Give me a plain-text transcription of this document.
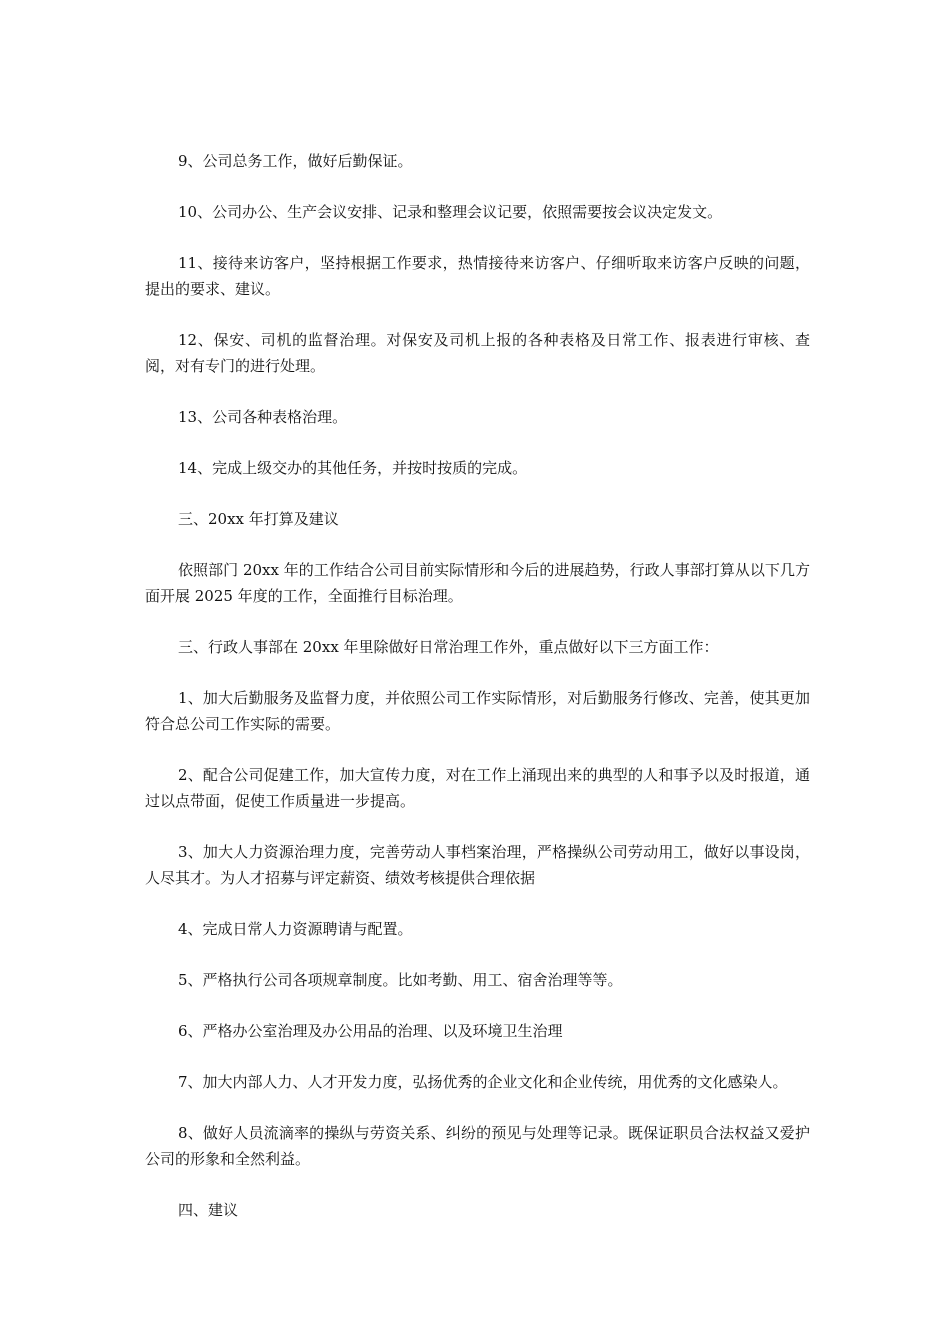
9、公司总务工作，做好后勤保证。

10、公司办公、生产会议安排、记录和整理会议记要，依照需要按会议决定发文。

11、接待来访客户，坚持根据工作要求，热情接待来访客户、仔细听取来访客户反映的问题，提出的要求、建议。

12、保安、司机的监督治理。对保安及司机上报的各种表格及日常工作、报表进行审核、查阅，对有专门的进行处理。

13、公司各种表格治理。

14、完成上级交办的其他任务，并按时按质的完成。

三、20xx 年打算及建议

依照部门 20xx 年的工作结合公司目前实际情形和今后的进展趋势，行政人事部打算从以下几方面开展 2025 年度的工作，全面推行目标治理。

三、行政人事部在 20xx 年里除做好日常治理工作外，重点做好以下三方面工作：

1、加大后勤服务及监督力度，并依照公司工作实际情形，对后勤服务行修改、完善，使其更加符合总公司工作实际的需要。

2、配合公司促建工作，加大宣传力度，对在工作上涌现出来的典型的人和事予以及时报道，通过以点带面，促使工作质量进一步提高。

3、加大人力资源治理力度，完善劳动人事档案治理，严格操纵公司劳动用工，做好以事设岗，人尽其才。为人才招募与评定薪资、绩效考核提供合理依据

4、完成日常人力资源聘请与配置。

5、严格执行公司各项规章制度。比如考勤、用工、宿舍治理等等。

6、严格办公室治理及办公用品的治理、以及环境卫生治理

7、加大内部人力、人才开发力度，弘扬优秀的企业文化和企业传统，用优秀的文化感染人。

8、做好人员流滴率的操纵与劳资关系、纠纷的预见与处理等记录。既保证职员合法权益又爱护公司的形象和全然利益。

四、建议
